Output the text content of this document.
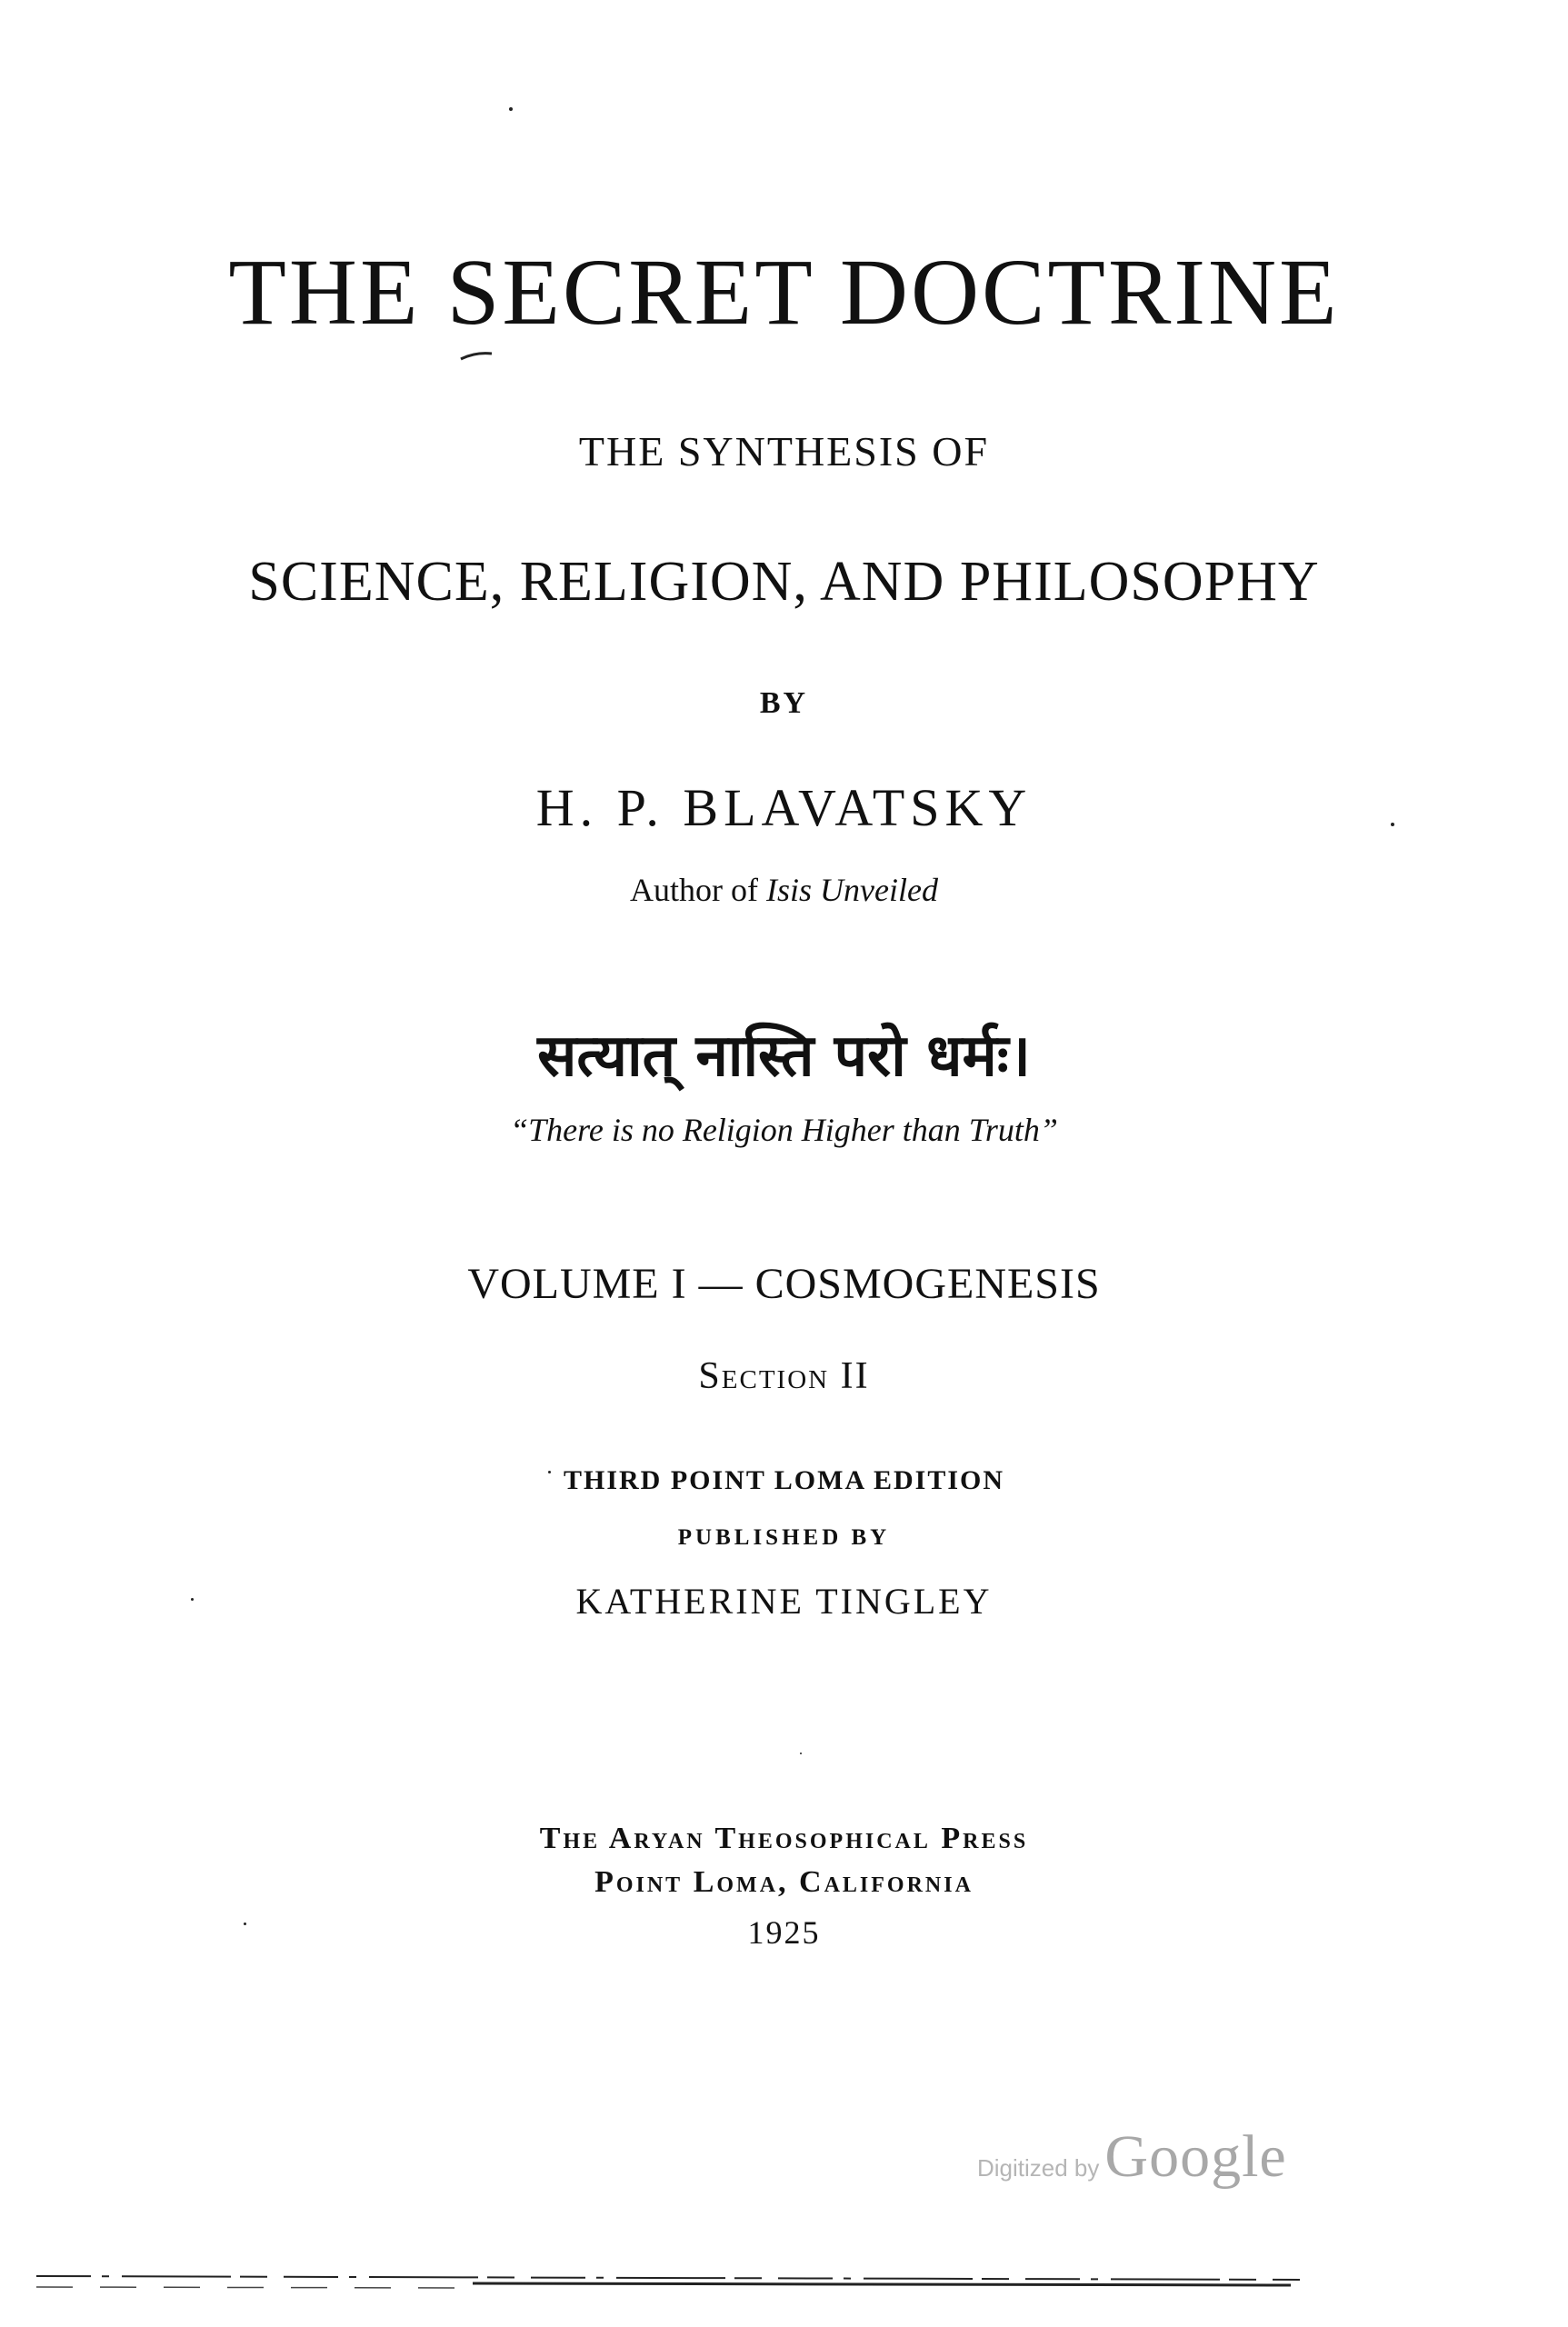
THE SECRET DOCTRINE
THE SYNTHESIS OF
SCIENCE, RELIGION, AND PHILOSOPHY
BY
H. P. BLAVATSKY
Author of Isis Unveiled
सत्यात् नास्ति परो धर्मः।
“There is no Religion Higher than Truth”
VOLUME I — COSMOGENESIS
Section II
THIRD POINT LOMA EDITION
PUBLISHED BY
KATHERINE TINGLEY
The Aryan Theosophical Press
Point Loma, California
1925
Digitized byGoogle
